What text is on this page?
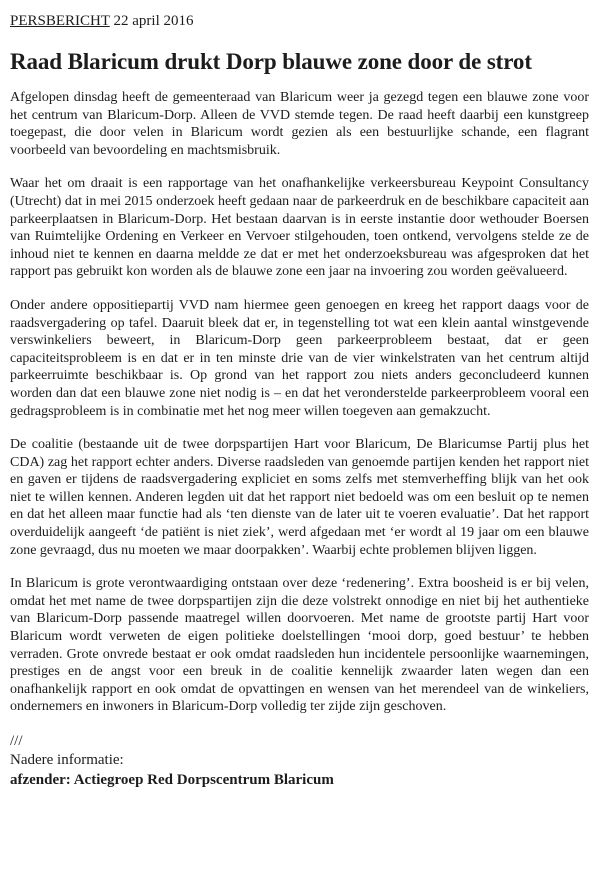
PERSBERICHT 22 april 2016
Raad Blaricum drukt Dorp blauwe zone door de strot

Afgelopen dinsdag heeft de gemeenteraad van Blaricum weer ja gezegd tegen een blauwe zone voor het centrum van Blaricum-Dorp. Alleen de VVD stemde tegen. De raad heeft daarbij een kunstgreep toegepast, die door velen in Blaricum wordt gezien als een bestuurlijke schande, een flagrant voorbeeld van bevoordeling en machtsmisbruik.

Waar het om draait is een rapportage van het onafhankelijke verkeersbureau Keypoint Consultancy (Utrecht) dat in mei 2015 onderzoek heeft gedaan naar de parkeerdruk en de beschikbare capaciteit aan parkeerplaatsen in Blaricum-Dorp. Het bestaan daarvan is in eerste instantie door wethouder Boersen van Ruimtelijke Ordening en Verkeer en Vervoer stilgehouden, toen ontkend, vervolgens stelde ze de inhoud niet te kennen en daarna meldde ze dat er met het onderzoeksbureau was afgesproken dat het rapport pas gebruikt kon worden als de blauwe zone een jaar na invoering zou worden geëvalueerd.

Onder andere oppositiepartij VVD nam hiermee geen genoegen en kreeg het rapport daags voor de raadsvergadering op tafel. Daaruit bleek dat er, in tegenstelling tot wat een klein aantal winstgevende verswinkeliers beweert, in Blaricum-Dorp geen parkeerprobleem bestaat, dat er geen capaciteitsprobleem is en dat er in ten minste drie van de vier winkelstraten van het centrum altijd parkeerruimte beschikbaar is. Op grond van het rapport zou niets anders geconcludeerd kunnen worden dan dat een blauwe zone niet nodig is – en dat het veronderstelde parkeerprobleem vooral een gedragsprobleem is in combinatie met het nog meer willen toegeven aan gemakzucht.

De coalitie (bestaande uit de twee dorpspartijen Hart voor Blaricum, De Blaricumse Partij plus het CDA) zag het rapport echter anders. Diverse raadsleden van genoemde partijen kenden het rapport niet en gaven er tijdens de raadsvergadering expliciet en soms zelfs met stemverheffing blijk van het ook niet te willen kennen. Anderen legden uit dat het rapport niet bedoeld was om een besluit op te nemen en dat het alleen maar functie had als ‘ten dienste van de later uit te voeren evaluatie’. Dat het rapport overduidelijk aangeeft ‘de patiënt is niet ziek’, werd afgedaan met ‘er wordt al 19 jaar om een blauwe zone gevraagd, dus nu moeten we maar doorpakken’. Waarbij echte problemen blijven liggen.

In Blaricum is grote verontwaardiging ontstaan over deze ‘redenering’. Extra boosheid is er bij velen, omdat het met name de twee dorpspartijen zijn die deze volstrekt onnodige en niet bij het authentieke van Blaricum-Dorp passende maatregel willen doorvoeren. Met name de grootste partij Hart voor Blaricum wordt verweten de eigen politieke doelstellingen ‘mooi dorp, goed bestuur’ te hebben verraden. Grote onvrede bestaat er ook omdat raadsleden hun incidentele persoonlijke waarnemingen, prestiges en de angst voor een breuk in de coalitie kennelijk zwaarder laten wegen dan een onafhankelijk rapport en ook omdat de opvattingen en wensen van het merendeel van de winkeliers, ondernemers en inwoners in Blaricum-Dorp volledig ter zijde zijn geschoven.

///
Nadere informatie:
afzender: Actiegroep Red Dorpscentrum Blaricum
